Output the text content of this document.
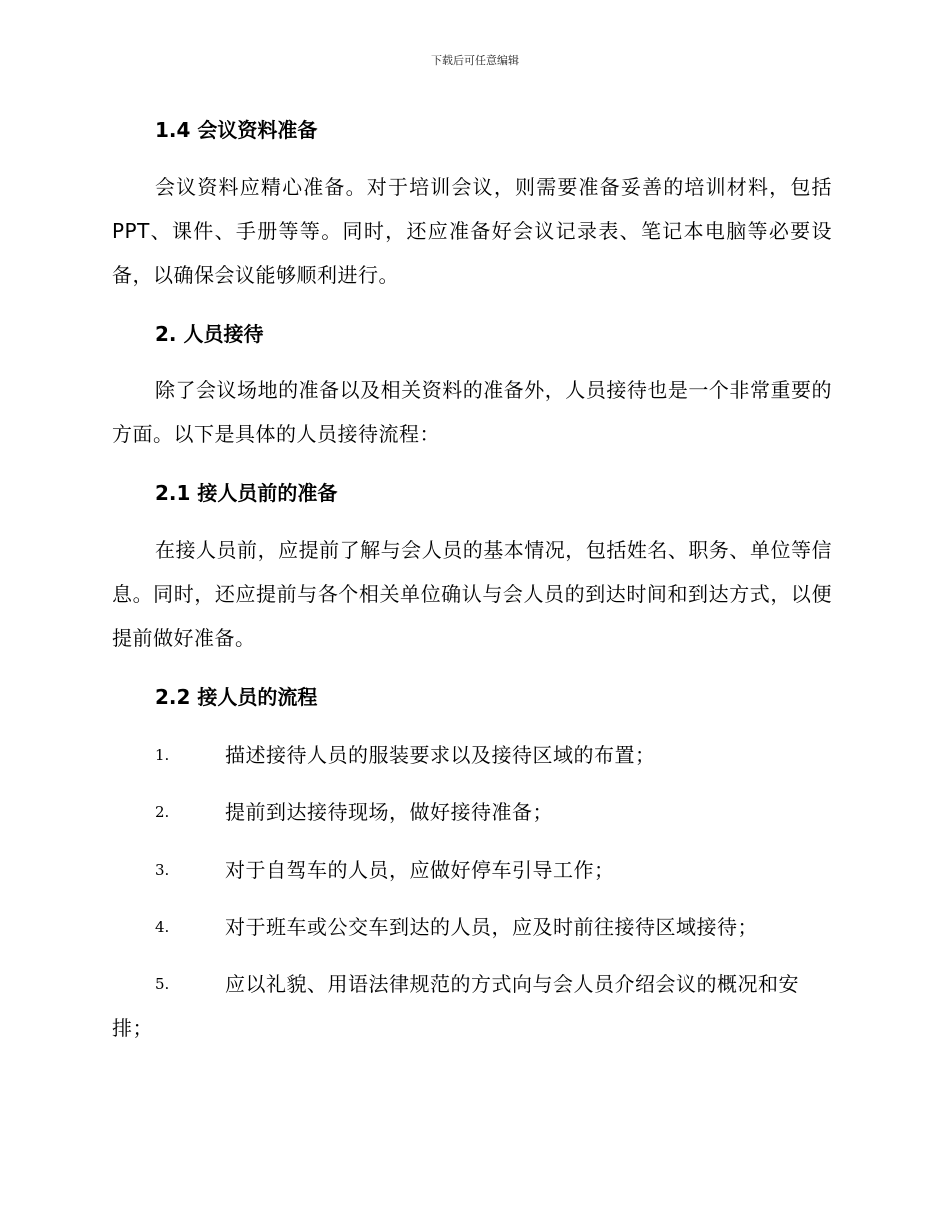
下载后可任意编辑
1.4 会议资料准备
会议资料应精心准备。对于培训会议，则需要准备妥善的培训材料，包括 PPT、课件、手册等等。同时，还应准备好会议记录表、笔记本电脑等必要设备，以确保会议能够顺利进行。
2. 人员接待
除了会议场地的准备以及相关资料的准备外，人员接待也是一个非常重要的方面。以下是具体的人员接待流程：
2.1 接人员前的准备
在接人员前，应提前了解与会人员的基本情况，包括姓名、职务、单位等信息。同时，还应提前与各个相关单位确认与会人员的到达时间和到达方式，以便提前做好准备。
2.2 接人员的流程
1.	描述接待人员的服装要求以及接待区域的布置；
2.	提前到达接待现场，做好接待准备；
3.	对于自驾车的人员，应做好停车引导工作；
4.	对于班车或公交车到达的人员，应及时前往接待区域接待；
5.	应以礼貌、用语法律规范的方式向与会人员介绍会议的概况和安排；
